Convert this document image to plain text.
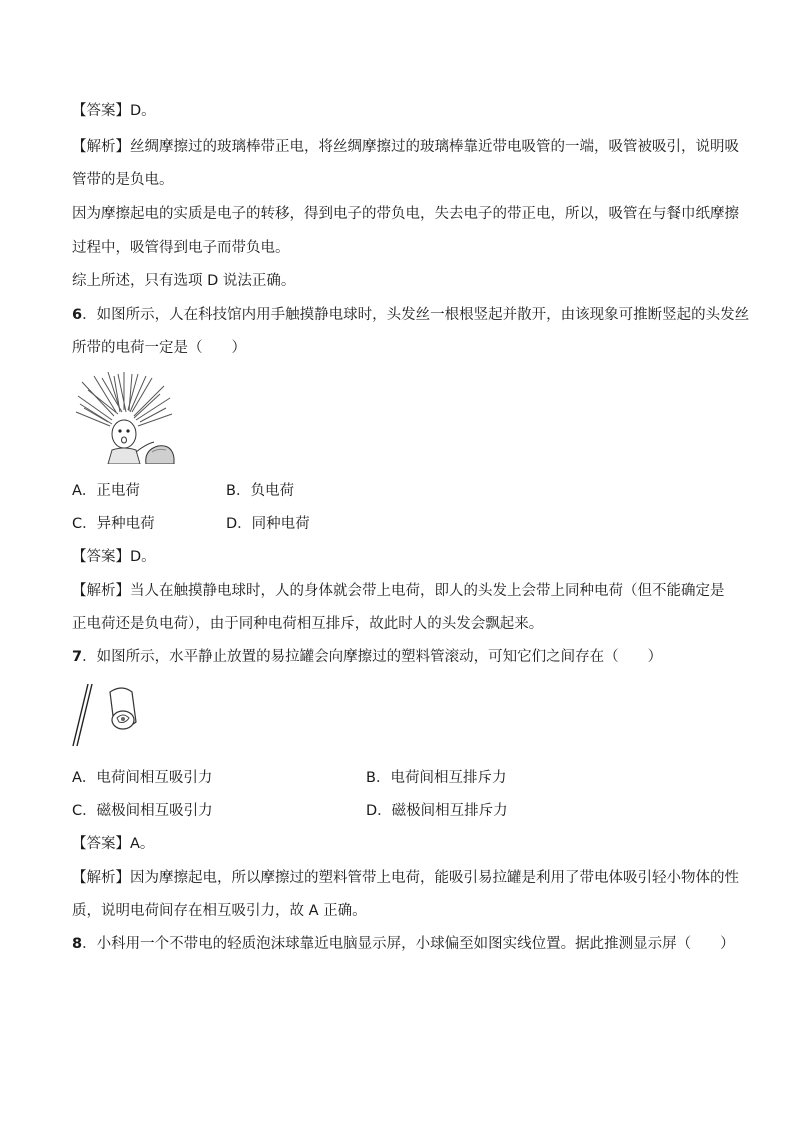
【答案】D。
【解析】丝绸摩擦过的玻璃棒带正电，将丝绸摩擦过的玻璃棒靠近带电吸管的一端，吸管被吸引，说明吸
管带的是负电。
因为摩擦起电的实质是电子的转移，得到电子的带负电，失去电子的带正电，所以，吸管在与餐巾纸摩擦
过程中，吸管得到电子而带负电。
综上所述，只有选项 D 说法正确。
6．如图所示，人在科技馆内用手触摸静电球时，头发丝一根根竖起并散开，由该现象可推断竖起的头发丝
所带的电荷一定是（　　）
A．正电荷	B．负电荷
C．异种电荷	D．同种电荷
【答案】D。
【解析】当人在触摸静电球时，人的身体就会带上电荷，即人的头发上会带上同种电荷（但不能确定是
正电荷还是负电荷），由于同种电荷相互排斥，故此时人的头发会飘起来。
7．如图所示，水平静止放置的易拉罐会向摩擦过的塑料管滚动，可知它们之间存在（　　）
A．电荷间相互吸引力	B．电荷间相互排斥力
C．磁极间相互吸引力	D．磁极间相互排斥力
【答案】A。
【解析】因为摩擦起电，所以摩擦过的塑料管带上电荷，能吸引易拉罐是利用了带电体吸引轻小物体的性
质，说明电荷间存在相互吸引力，故 A 正确。
8．小科用一个不带电的轻质泡沫球靠近电脑显示屏，小球偏至如图实线位置。据此推测显示屏（　　）
